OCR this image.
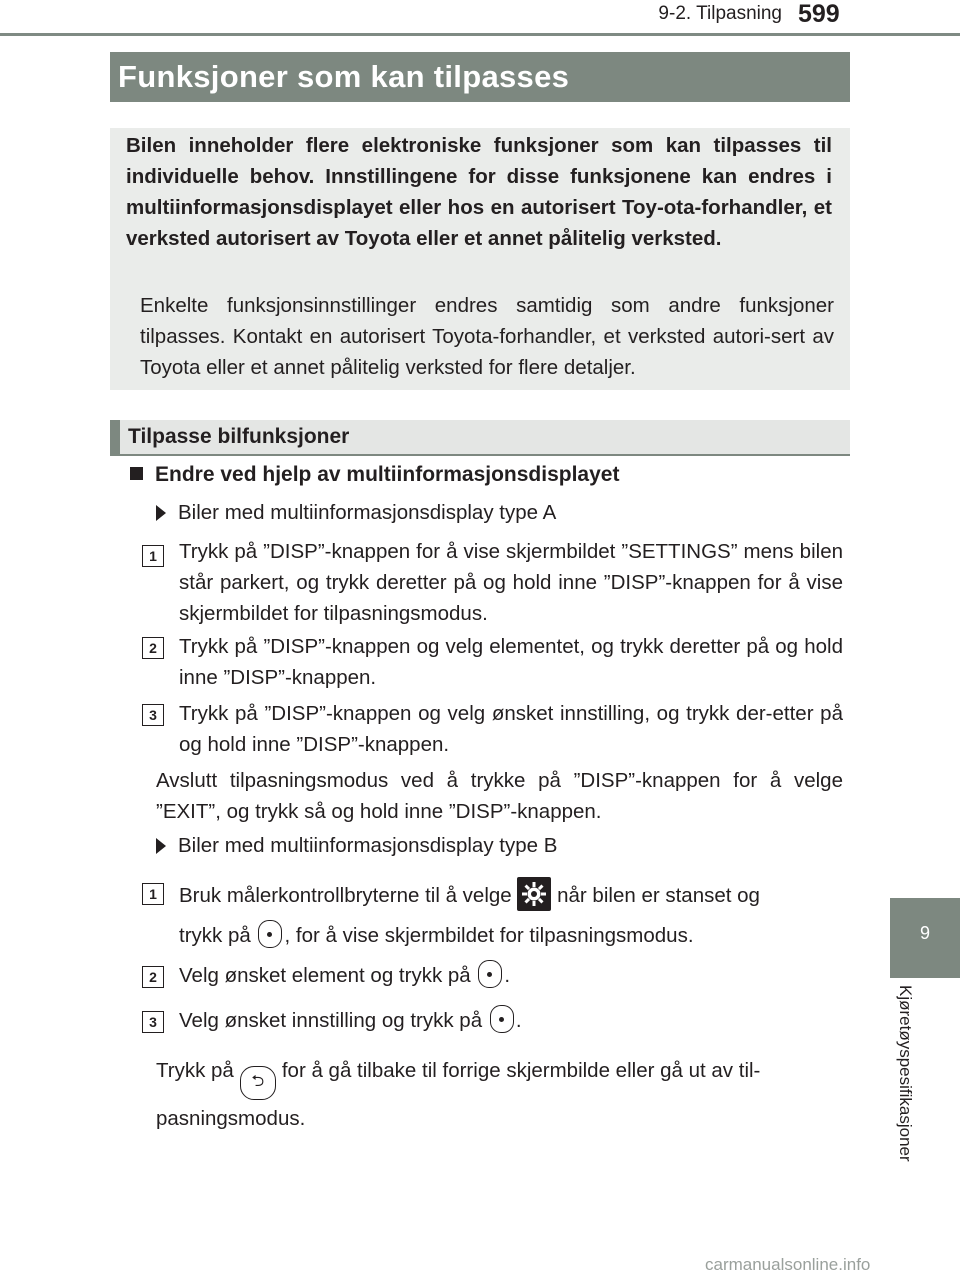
9-2. Tilpasning 599
Funksjoner som kan tilpasses
Bilen inneholder flere elektroniske funksjoner som kan tilpasses til individuelle behov. Innstillingene for disse funksjonene kan endres i multiinformasjonsdisplayet eller hos en autorisert Toy-ota-forhandler, et verksted autorisert av Toyota eller et annet pålitelig verksted.
Enkelte funksjonsinnstillinger endres samtidig som andre funksjoner tilpasses. Kontakt en autorisert Toyota-forhandler, et verksted autori-sert av Toyota eller et annet pålitelig verksted for flere detaljer.
Tilpasse bilfunksjoner
Endre ved hjelp av multiinformasjonsdisplayet
Biler med multiinformasjonsdisplay type A
1	Trykk på ”DISP”-knappen for å vise skjermbildet ”SETTINGS” mens bilen står parkert, og trykk deretter på og hold inne ”DISP”-knappen for å vise skjermbildet for tilpasningsmodus.
2	Trykk på ”DISP”-knappen og velg elementet, og trykk deretter på og hold inne ”DISP”-knappen.
3	Trykk på ”DISP”-knappen og velg ønsket innstilling, og trykk der-etter på og hold inne ”DISP”-knappen.
Avslutt tilpasningsmodus ved å trykke på ”DISP”-knappen for å velge ”EXIT”, og trykk så og hold inne ”DISP”-knappen.
Biler med multiinformasjonsdisplay type B
1	Bruk målerkontrollbryterne til å velge når bilen er stanset og
trykk på , for å vise skjermbildet for tilpasningsmodus.
2	Velg ønsket element og trykk på .
3	Velg ønsket innstilling og trykk på .
Trykk på ⮌ for å gå tilbake til forrige skjermbilde eller gå ut av til-
pasningsmodus.
9
Kjøretøyspesifikasjoner
carmanualsonline.info
